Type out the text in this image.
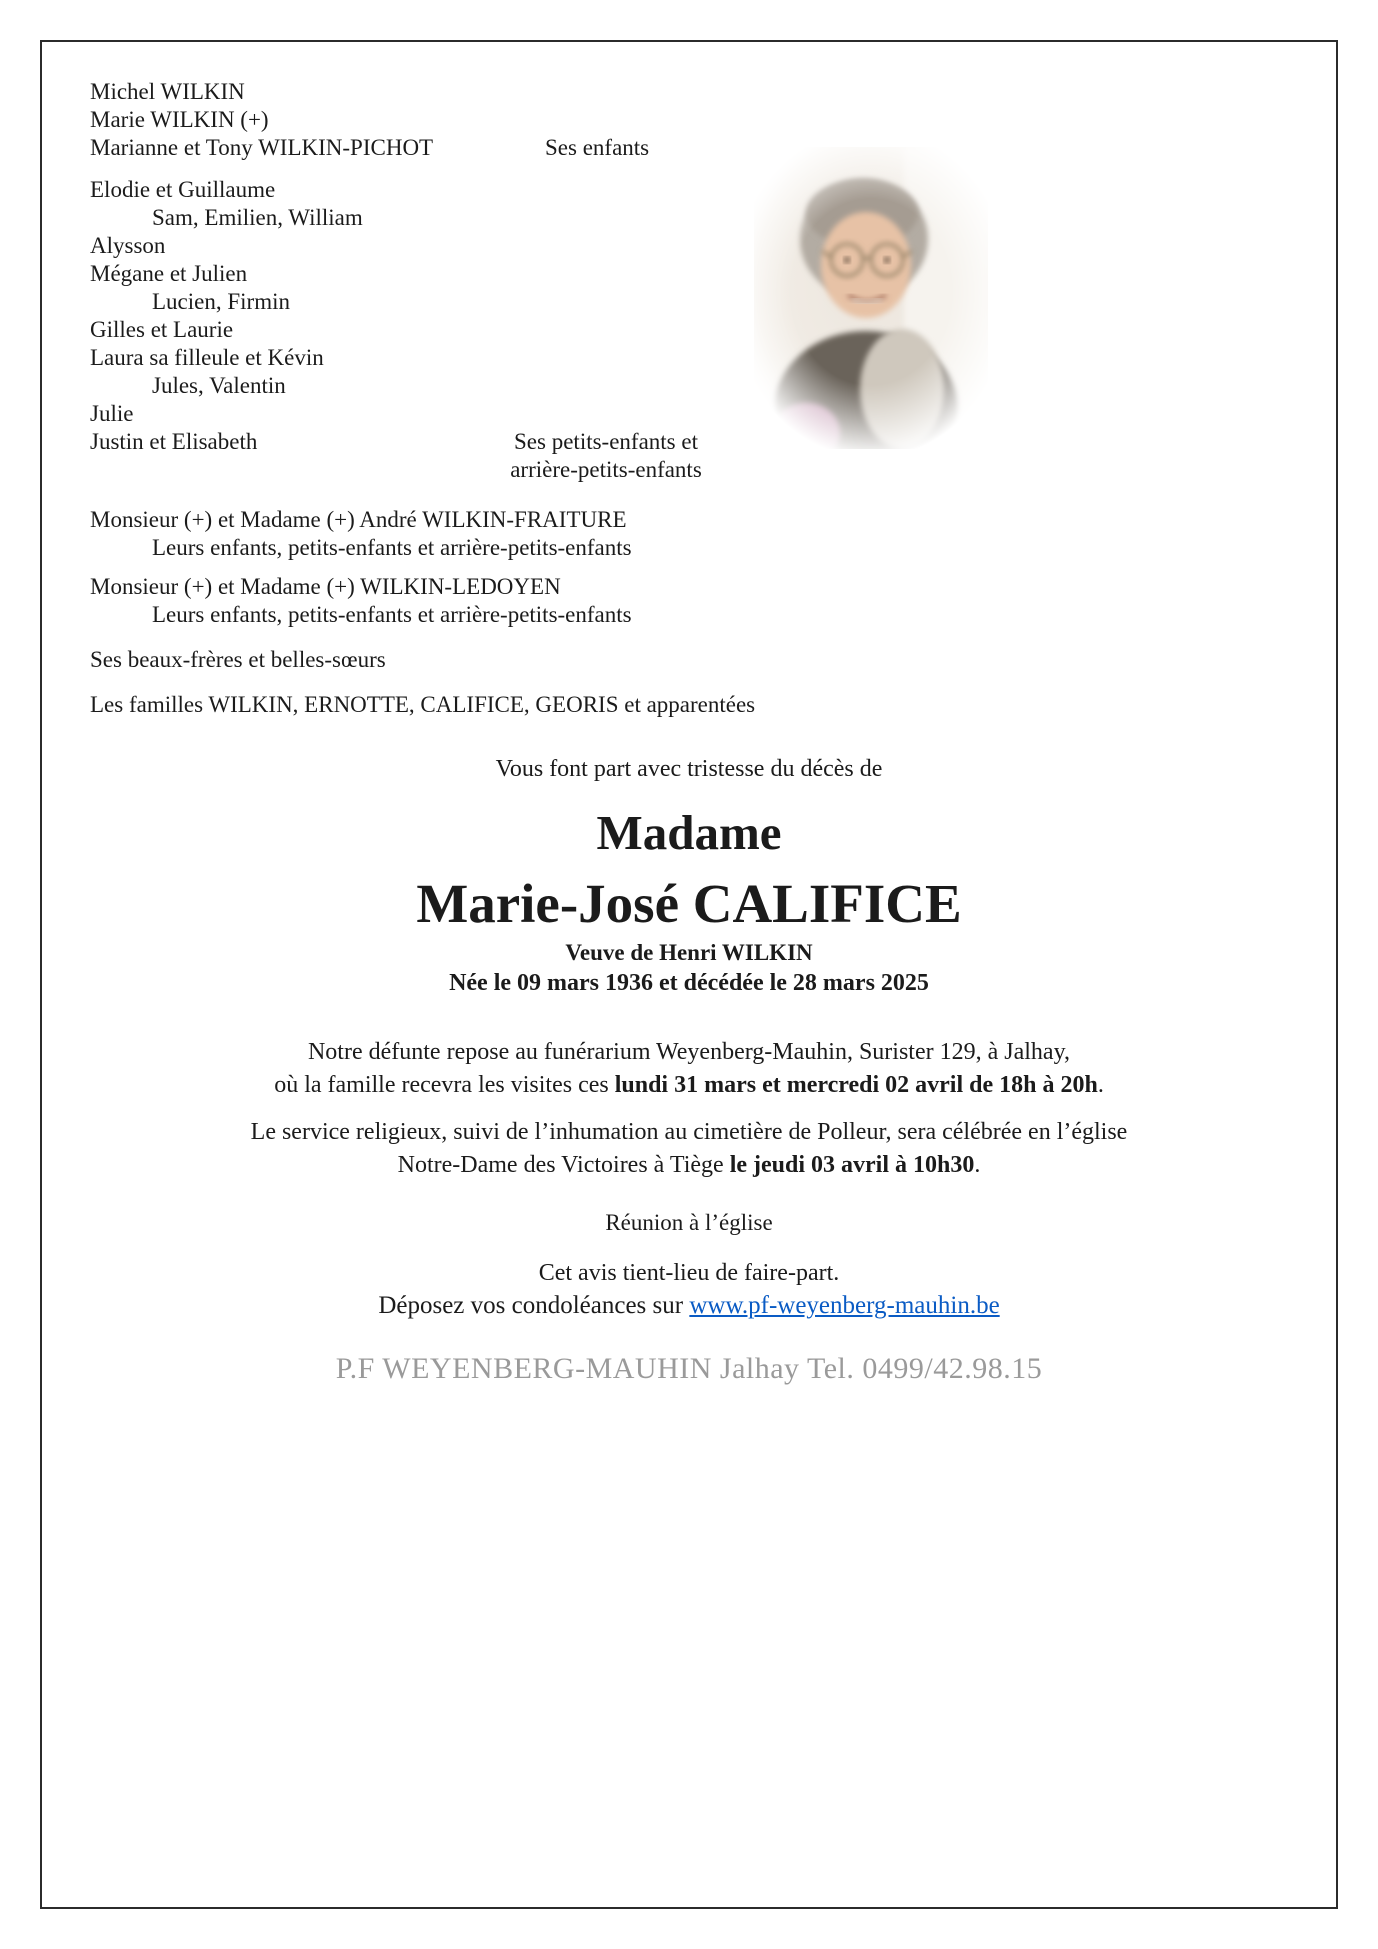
Michel WILKIN
Marie WILKIN (+)
Marianne et Tony WILKIN-PICHOT
Elodie et Guillaume
Sam, Emilien, William
Alysson
Mégane et Julien
Lucien, Firmin
Gilles et Laurie
Laura sa filleule et Kévin
Jules, Valentin
Julie
Justin et Elisabeth
Ses enfants
Ses petits-enfants et
arrière-petits-enfants
Monsieur (+) et Madame (+) André WILKIN-FRAITURE
Leurs enfants, petits-enfants et arrière-petits-enfants
Monsieur (+) et Madame (+) WILKIN-LEDOYEN
Leurs enfants, petits-enfants et arrière-petits-enfants
Ses beaux-frères et belles-sœurs
Les familles WILKIN, ERNOTTE, CALIFICE, GEORIS et apparentées
Vous font part avec tristesse du décès de
Madame
Marie-José CALIFICE
Veuve de Henri WILKIN
Née le 09 mars 1936 et décédée le 28 mars 2025
Notre défunte repose au funérarium Weyenberg-Mauhin, Surister 129, à Jalhay,
où la famille recevra les visites ces lundi 31 mars et mercredi 02 avril de 18h à 20h.
Le service religieux, suivi de l’inhumation au cimetière de Polleur, sera célébrée en l’église
Notre-Dame des Victoires à Tiège le jeudi 03 avril à 10h30.
Réunion à l’église
Cet avis tient-lieu de faire-part.
Déposez vos condoléances sur www.pf-weyenberg-mauhin.be
P.F WEYENBERG-MAUHIN Jalhay Tel. 0499/42.98.15
